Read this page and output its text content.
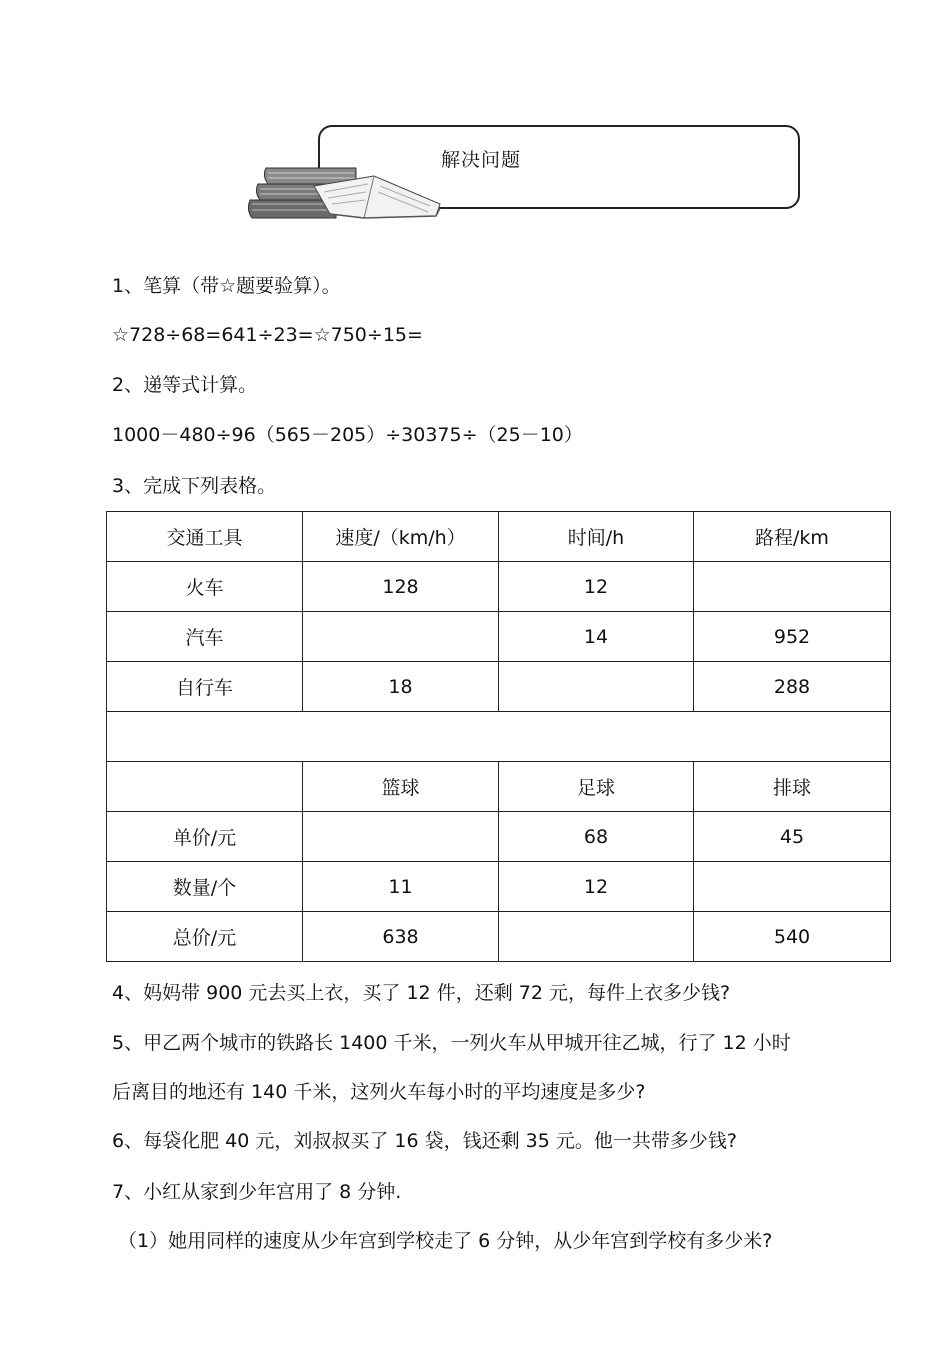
解决问题
1、笔算（带☆题要验算）。
☆728÷68=641÷23=☆750÷15=
2、递等式计算。
1000－480÷96（565－205）÷30375÷（25－10）
3、完成下列表格。
交通工具	速度/（km/h）	时间/h	路程/km
火车	128	12	
汽车		14	952
自行车	18		288

	篮球	足球	排球
单价/元		68	45
数量/个	11	12	
总价/元	638		540
4、妈妈带 900 元去买上衣，买了 12 件，还剩 72 元，每件上衣多少钱?
5、甲乙两个城市的铁路长 1400 千米，一列火车从甲城开往乙城，行了 12 小时
后离目的地还有 140 千米，这列火车每小时的平均速度是多少?
6、每袋化肥 40 元，刘叔叔买了 16 袋，钱还剩 35 元。他一共带多少钱?
7、小红从家到少年宫用了 8 分钟.
（1）她用同样的速度从少年宫到学校走了 6 分钟，从少年宫到学校有多少米?
